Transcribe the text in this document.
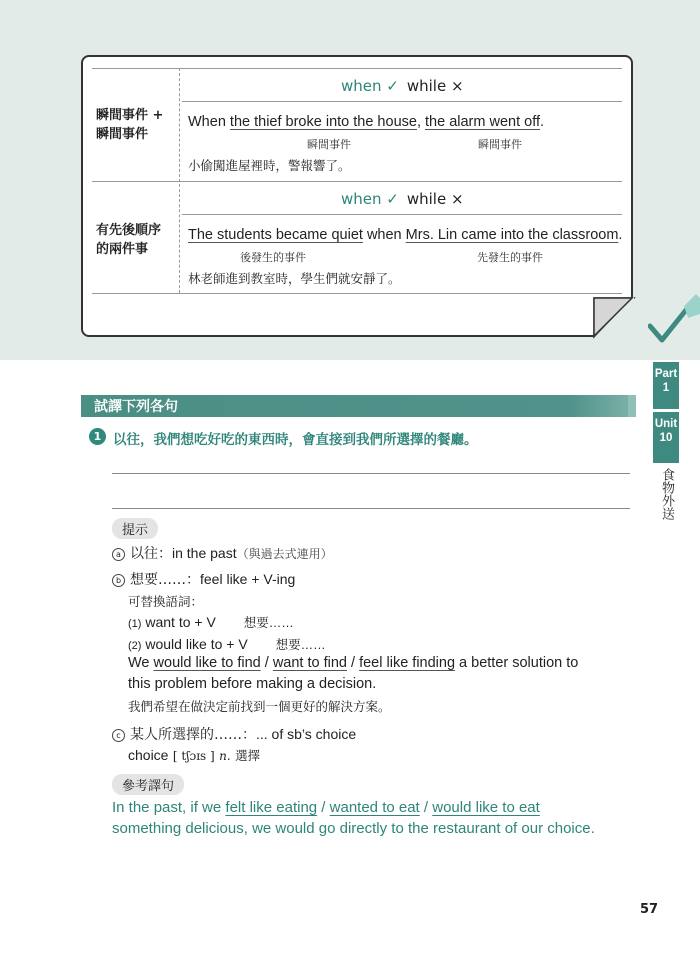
瞬間事件 +
瞬間事件
when ✓ while ×
When the thief broke into the house, the alarm went off.
瞬間事件	瞬間事件
小偷闖進屋裡時，警報響了。
有先後順序
的兩件事
when ✓ while ×
The students became quiet when Mrs. Lin came into the classroom.
後發生的事件	先發生的事件
林老師進到教室時，學生們就安靜了。
Part
1
Unit
10
食物外送
試譯下列各句
1 以往，我們想吃好吃的東西時，會直接到我們所選擇的餐廳。
提示
a 以往：in the past（與過去式連用）
b 想要……：feel like + V-ing
可替換語詞：
(1) want to + V 想要……
(2) would like to + V 想要……
We would like to find / want to find / feel like finding a better solution to
this problem before making a decision.
我們希望在做決定前找到一個更好的解決方案。
c 某人所選擇的……：... of sb’s choice
choice [ tʃɔɪs ] n. 選擇
參考譯句
In the past, if we felt like eating / wanted to eat / would like to eat
something delicious, we would go directly to the restaurant of our choice.
57
